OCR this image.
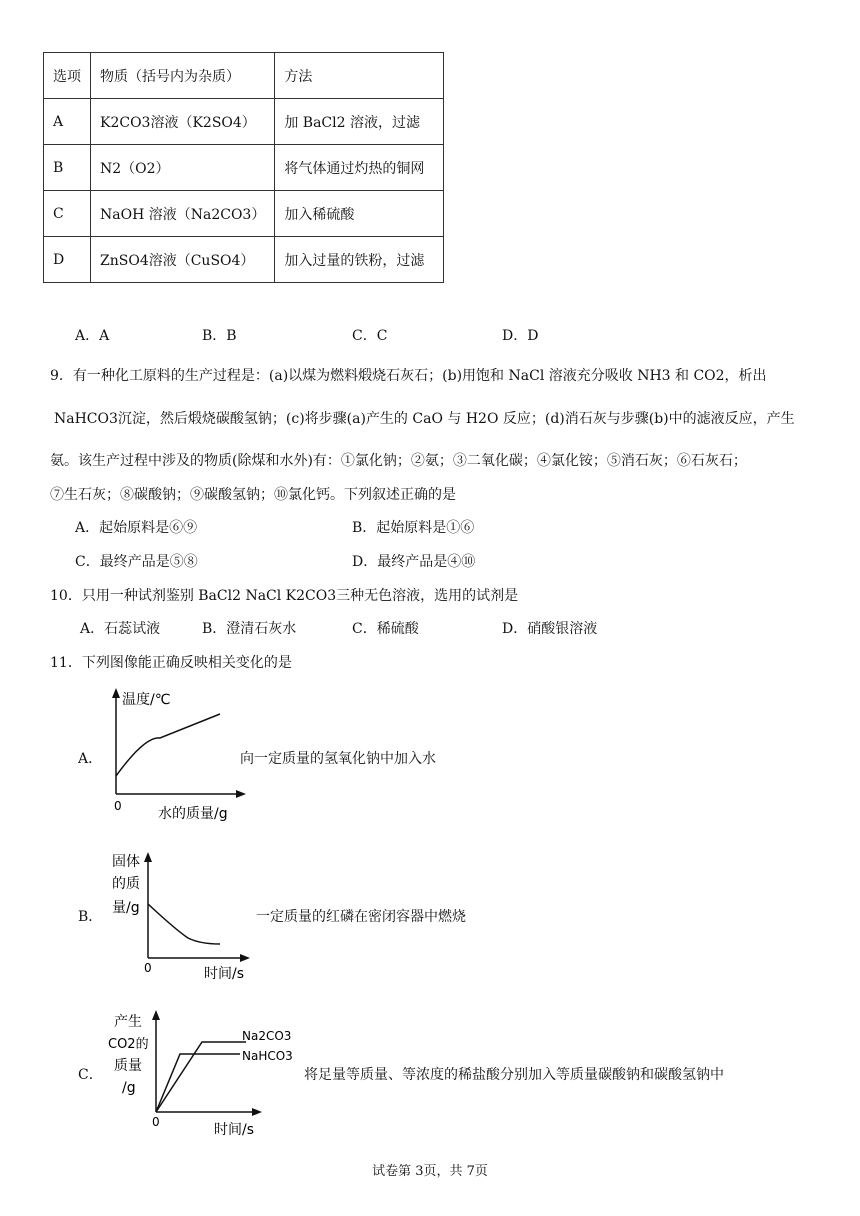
选项	物质（括号内为杂质）	方法
A	K2CO3溶液（K2SO4）	加 BaCl2 溶液，过滤
B	N2（O2）	将气体通过灼热的铜网
C	NaOH 溶液（Na2CO3）	加入稀硫酸
D	ZnSO4溶液（CuSO4）	加入过量的铁粉，过滤
A．A	B．B	C．C	D．D
9．有一种化工原料的生产过程是：(a)以煤为燃料煅烧石灰石；(b)用饱和 NaCl 溶液充分吸收 NH3 和 CO2，析出
NaHCO3沉淀，然后煅烧碳酸氢钠；(c)将步骤(a)产生的 CaO 与 H2O 反应；(d)消石灰与步骤(b)中的滤液反应，产生
氨。该生产过程中涉及的物质(除煤和水外)有：①氯化钠；②氨；③二氧化碳；④氯化铵；⑤消石灰；⑥石灰石；
⑦生石灰；⑧碳酸钠；⑨碳酸氢钠；⑩氯化钙。下列叙述正确的是
A．起始原料是⑥⑨	B．起始原料是①⑥
C．最终产品是⑤⑧	D．最终产品是④⑩
10．只用一种试剂鉴别 BaCl2 NaCl K2CO3三种无色溶液，选用的试剂是
A．石蕊试液	B．澄清石灰水	C．稀硫酸	D．硝酸银溶液
11．下列图像能正确反映相关变化的是
A．
温度/℃
0	水的质量/g
向一定质量的氢氧化钠中加入水
B．
固体
的质
量/g
0	时间/s
一定质量的红磷在密闭容器中燃烧
C．
Na2CO3
NaHCO3
产生
CO2的
质量
/g
0	时间/s
将足量等质量、等浓度的稀盐酸分别加入等质量碳酸钠和碳酸氢钠中
试卷第 3页，共 7页
